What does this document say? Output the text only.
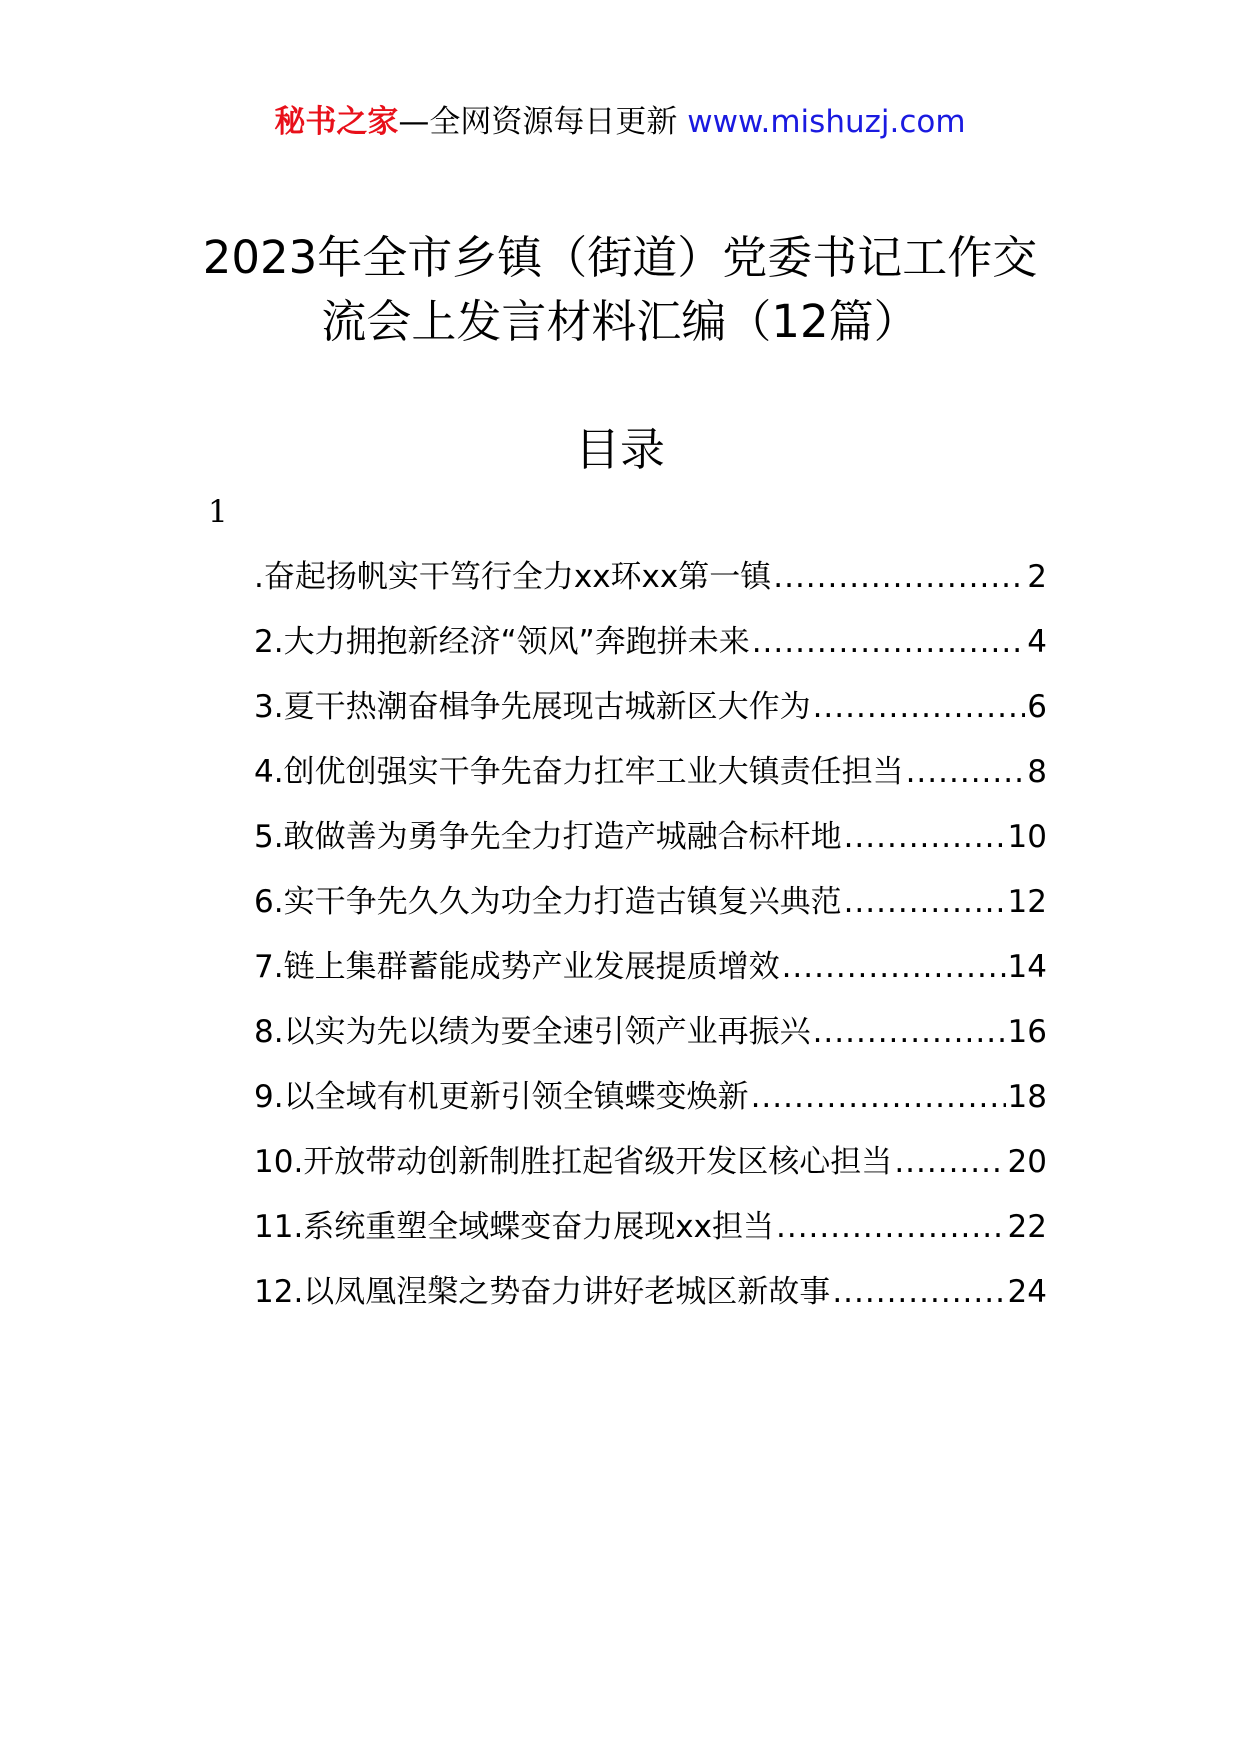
秘书之家—全网资源每日更新 www.mishuzj.com
2023年全市乡镇（街道）党委书记工作交
流会上发言材料汇编（12篇）
目录
1
.奋起扬帆实干笃行全力xx环xx第一镇 .....	2
2.大力拥抱新经济“领风”奔跑拼未来 .....	4
3.夏干热潮奋楫争先展现古城新区大作为 .....	6
4.创优创强实干争先奋力扛牢工业大镇责任担当 .....	8
5.敢做善为勇争先全力打造产城融合标杆地 .....	10
6.实干争先久久为功全力打造古镇复兴典范 .....	12
7.链上集群蓄能成势产业发展提质增效 .....	14
8.以实为先以绩为要全速引领产业再振兴 .....	16
9.以全域有机更新引领全镇蝶变焕新 .....	18
10.开放带动创新制胜扛起省级开发区核心担当 .....	20
11.系统重塑全域蝶变奋力展现xx担当 .....	22
12.以凤凰涅槃之势奋力讲好老城区新故事 .....	24
